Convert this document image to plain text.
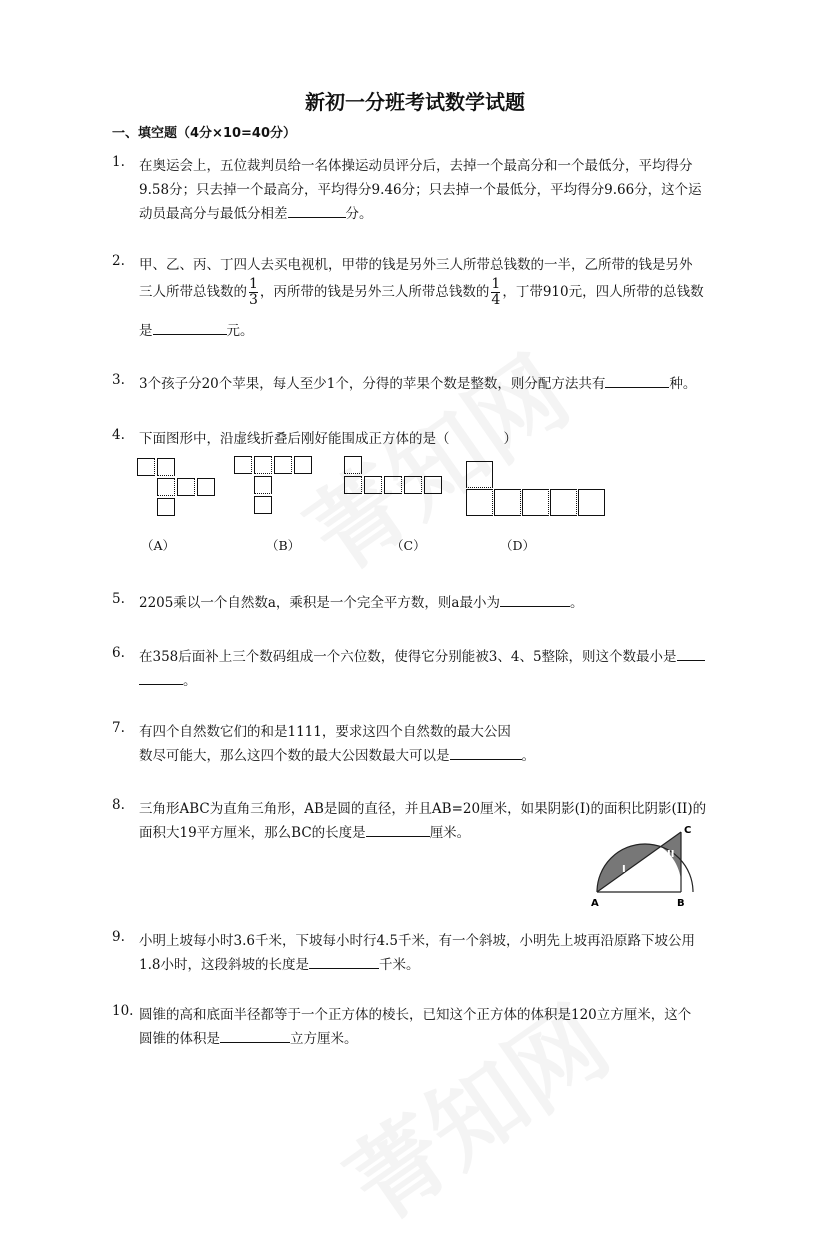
新初一分班考试数学试题
一、填空题（4分×10=40分）
1. 在奥运会上，五位裁判员给一名体操运动员评分后，去掉一个最高分和一个最低分，平均得分
9.58分；只去掉一个最高分，平均得分9.46分；只去掉一个最低分，平均得分9.66分，这个运
动员最高分与最低分相差	分。
2. 甲、乙、丙、丁四人去买电视机，甲带的钱是另外三人所带总钱数的一半，乙所带的钱是另外
三人所带总钱数的 $\frac{1}{3}$ ，丙所带的钱是另外三人所带总钱数的 $\frac{1}{4}$ ，丁带910元，四人所带的总钱数
是	元。
3. 3个孩子分20个苹果，每人至少1个，分得的苹果个数是整数，则分配方法共有	种。
4. 下面图形中，沿虚线折叠后刚好能围成正方体的是（　　　　）
（A）	（B）	（C）	（D）
5. 2205乘以一个自然数a，乘积是一个完全平方数，则a最小为	。
6. 在358后面补上三个数码组成一个六位数，使得它分别能被3、4、5整除，则这个数最小是
。
7. 有四个自然数它们的和是1111，要求这四个自然数的最大公因
数尽可能大，那么这四个数的最大公因数最大可以是	。
8. 三角形ABC为直角三角形，AB是圆的直径，并且AB=20厘米，如果阴影(I)的面积比阴影(II)的
面积大19平方厘米，那么BC的长度是	厘米。
A	B
C
I
II
9. 小明上坡每小时3.6千米，下坡每小时行4.5千米，有一个斜坡，小明先上坡再沿原路下坡公用
1.8小时，这段斜坡的长度是	千米。
10. 圆锥的高和底面半径都等于一个正方体的棱长，已知这个正方体的体积是120立方厘米，这个
圆锥的体积是	立方厘米。
